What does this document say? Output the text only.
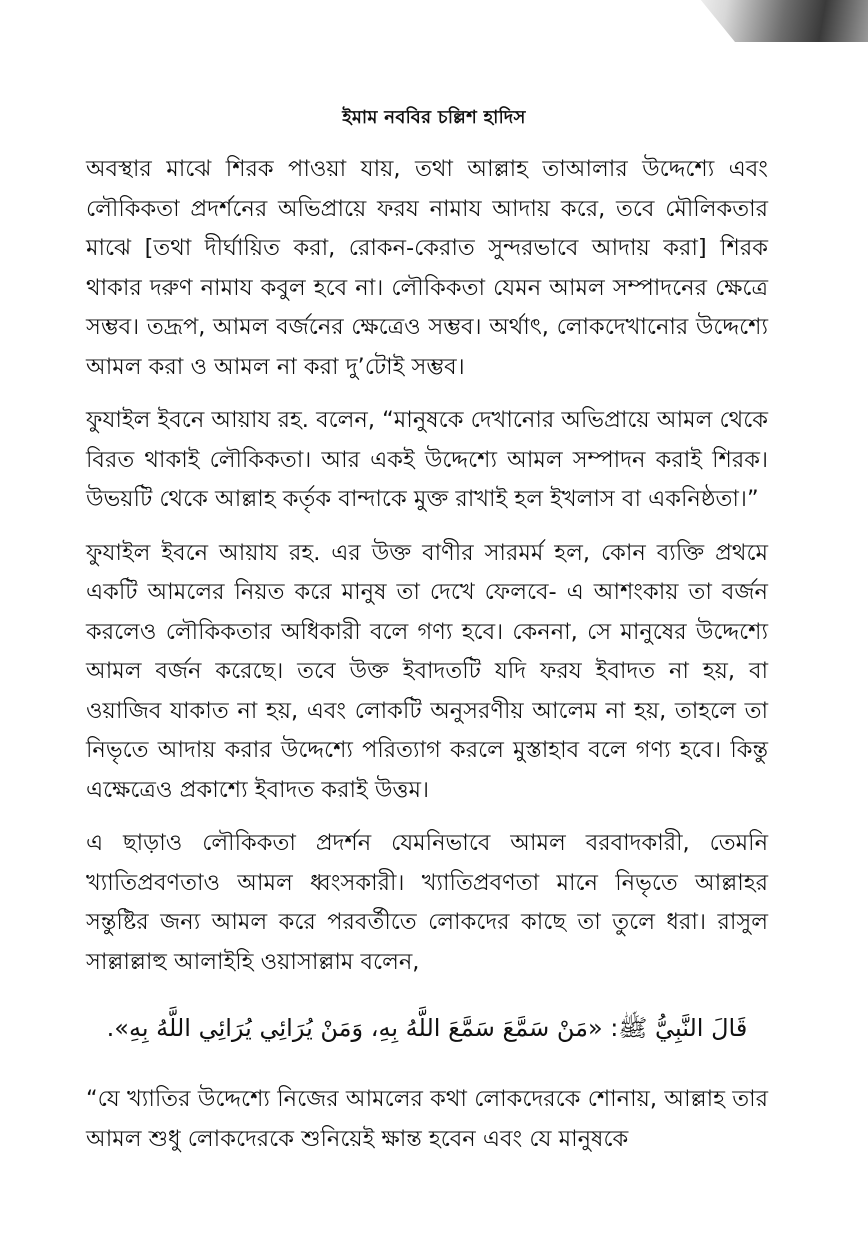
ইমাম নববির চল্লিশ হাদিস

অবস্থার মাঝে শিরক পাওয়া যায়, তথা আল্লাহ তাআলার উদ্দেশ্যে এবং লৌকিকতা প্রদর্শনের অভিপ্রায়ে ফরয নামায আদায় করে, তবে মৌলিকতার মাঝে [তথা দীর্ঘায়িত করা, রোকন-কেরাত সুন্দরভাবে আদায় করা] শিরক থাকার দরুণ নামায কবুল হবে না। লৌকিকতা যেমন আমল সম্পাদনের ক্ষেত্রে সম্ভব। তদ্রূপ, আমল বর্জনের ক্ষেত্রেও সম্ভব। অর্থাৎ, লোকদেখানোর উদ্দেশ্যে আমল করা ও আমল না করা দু’টোই সম্ভব।

ফুযাইল ইবনে আয়ায রহ. বলেন, “মানুষকে দেখানোর অভিপ্রায়ে আমল থেকে বিরত থাকাই লৌকিকতা। আর একই উদ্দেশ্যে আমল সম্পাদন করাই শিরক। উভয়টি থেকে আল্লাহ কর্তৃক বান্দাকে মুক্ত রাখাই হল ইখলাস বা একনিষ্ঠতা।”

ফুযাইল ইবনে আয়ায রহ. এর উক্ত বাণীর সারমর্ম হল, কোন ব্যক্তি প্রথমে একটি আমলের নিয়ত করে মানুষ তা দেখে ফেলবে- এ আশংকায় তা বর্জন করলেও লৌকিকতার অধিকারী বলে গণ্য হবে। কেননা, সে মানুষের উদ্দেশ্যে আমল বর্জন করেছে। তবে উক্ত ইবাদতটি যদি ফরয ইবাদত না হয়, বা ওয়াজিব যাকাত না হয়, এবং লোকটি অনুসরণীয় আলেম না হয়, তাহলে তা নিভৃতে আদায় করার উদ্দেশ্যে পরিত্যাগ করলে মুস্তাহাব বলে গণ্য হবে। কিন্তু এক্ষেত্রেও প্রকাশ্যে ইবাদত করাই উত্তম।

এ ছাড়াও লৌকিকতা প্রদর্শন যেমনিভাবে আমল বরবাদকারী, তেমনি খ্যাতিপ্রবণতাও আমল ধ্বংসকারী। খ্যাতিপ্রবণতা মানে নিভৃতে আল্লাহর সন্তুষ্টির জন্য আমল করে পরবর্তীতে লোকদের কাছে তা তুলে ধরা। রাসুল সাল্লাল্লাহু আলাইহি ওয়াসাল্লাম বলেন,

قَالَ النَّبِيُّ ﷺ: «مَنْ سَمَّعَ سَمَّعَ اللَّهُ بِهِ، وَمَنْ يُرَائِي يُرَائِي اللَّهُ بِهِ».

“যে খ্যাতির উদ্দেশ্যে নিজের আমলের কথা লোকদেরকে শোনায়, আল্লাহ তার আমল শুধু লোকদেরকে শুনিয়েই ক্ষান্ত হবেন এবং যে মানুষকে
